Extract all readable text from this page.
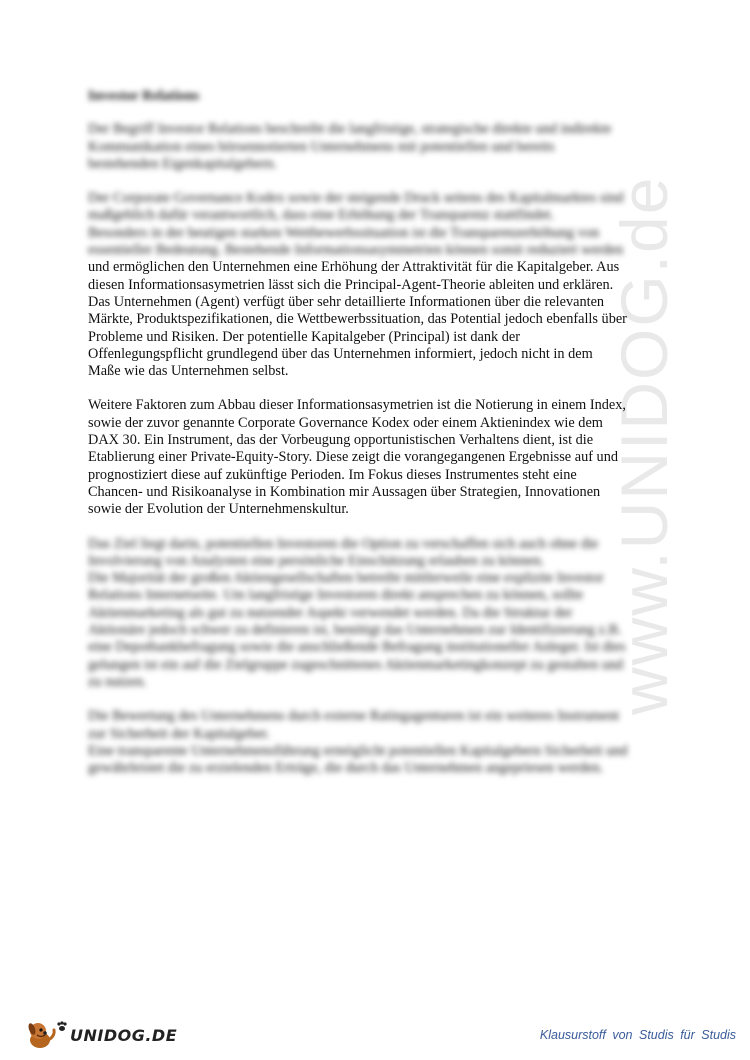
www.UNIDOG.de
Investor Relations
Der Begriff Investor Relations beschreibt die langfristige, strategische direkte und indirekte
Kommunikation eines börsennotierten Unternehmens mit potentiellen und bereits
bestehenden Eigenkapitalgebern.
Der Corporate Governance Kodex sowie der steigende Druck seitens des Kapitalmarktes sind
maßgeblich dafür verantwortlich, dass eine Erhöhung der Transparenz stattfindet.
Besonders in der heutigen starken Wettbewerbssituation ist die Transparenzerhöhung von
essentieller Bedeutung. Bestehende Informationsasymmetrien können somit reduziert werden
und ermöglichen den Unternehmen eine Erhöhung der Attraktivität für die Kapitalgeber. Aus
diesen Informationsasymetrien lässt sich die Principal-Agent-Theorie ableiten und erklären.
Das Unternehmen (Agent) verfügt über sehr detaillierte Informationen über die relevanten
Märkte, Produktspezifikationen, die Wettbewerbssituation, das Potential jedoch ebenfalls über
Probleme und Risiken. Der potentielle Kapitalgeber (Principal) ist dank der
Offenlegungspflicht grundlegend über das Unternehmen informiert, jedoch nicht in dem
Maße wie das Unternehmen selbst.
Weitere Faktoren zum Abbau dieser Informationsasymetrien ist die Notierung in einem Index,
sowie der zuvor genannte Corporate Governance Kodex oder einem Aktienindex wie dem
DAX 30. Ein Instrument, das der Vorbeugung opportunistischen Verhaltens dient, ist die
Etablierung einer Private-Equity-Story. Diese zeigt die vorangegangenen Ergebnisse auf und
prognostiziert diese auf zukünftige Perioden. Im Fokus dieses Instrumentes steht eine
Chancen- und Risikoanalyse in Kombination mir Aussagen über Strategien, Innovationen
sowie der Evolution der Unternehmenskultur.
Das Ziel liegt darin, potentiellen Investoren die Option zu verschaffen sich auch ohne die
Involvierung von Analysten eine persönliche Einschätzung erlauben zu können.
Die Majorität der großen Aktiengesellschaften betreibt mittlerweile eine explizite Investor
Relations Internetseite. Um langfristige Investoren direkt ansprechen zu können, sollte
Aktienmarketing als gut zu nutzender Aspekt verwendet werden. Da die Struktur der
Aktionäre jedoch schwer zu definieren ist, benötigt das Unternehmen zur Identifizierung z.B.
eine Depotbankbefragung sowie die anschließende Befragung institutioneller Anleger. Ist dies
gelungen ist ein auf die Zielgruppe zugeschnittenes Aktienmarketingkonzept zu gestalten und
zu nutzen.
Die Bewertung des Unternehmens durch externe Ratingagenturen ist ein weiteres Instrument
zur Sicherheit der Kapitalgeber.
Eine transparente Unternehmensführung ermöglicht potentiellen Kapitalgebern Sicherheit und
gewährleistet die zu erzielenden Erträge, die durch das Unternehmen angepriesen werden.
UNIDOG.DE	Klausurstoff von Studis für Studis
